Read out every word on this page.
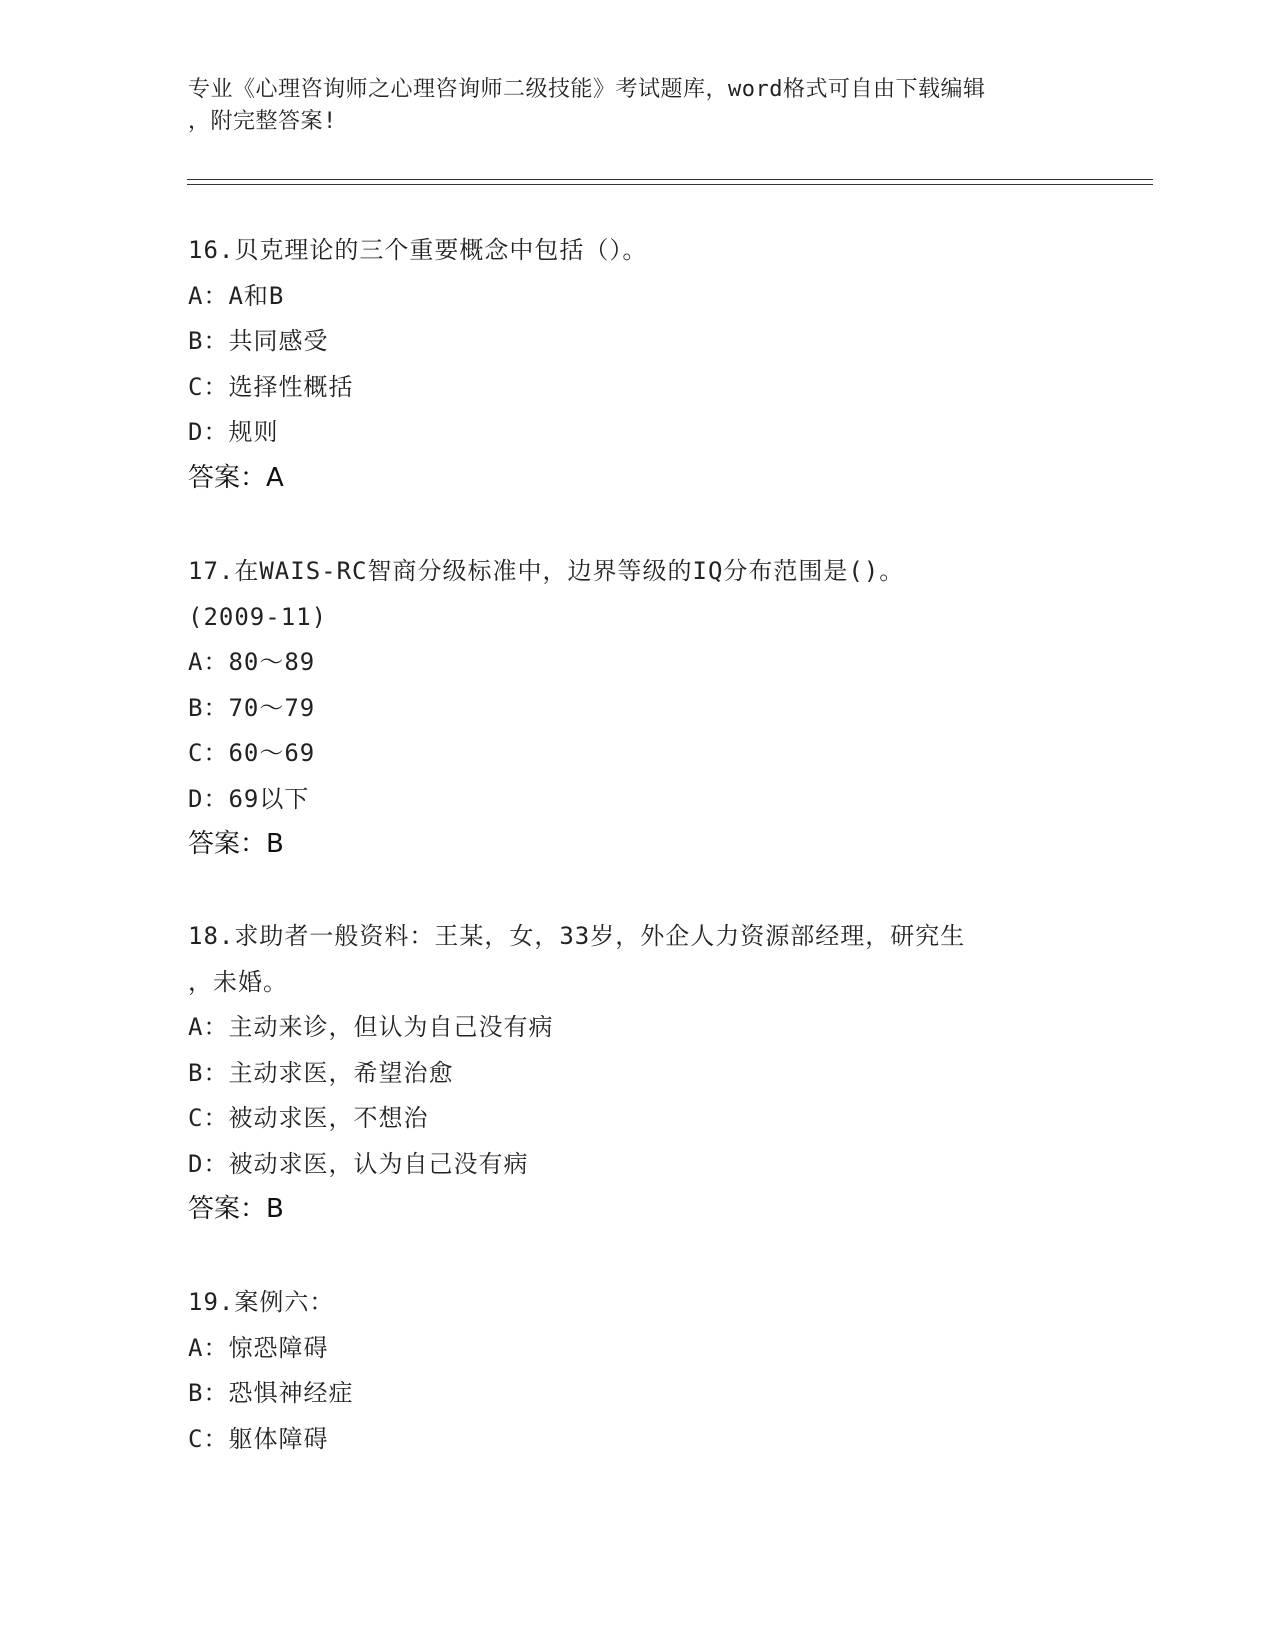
专业《心理咨询师之心理咨询师二级技能》考试题库，word格式可自由下载编辑
，附完整答案!
16.贝克理论的三个重要概念中包括（）。
A：A和B
B：共同感受
C：选择性概括
D：规则
答案：A
17.在WAIS-RC智商分级标准中，边界等级的IQ分布范围是()。
(2009-11)
A：80～89
B：70～79
C：60～69
D：69以下
答案：B
18.求助者一般资料：王某，女，33岁，外企人力资源部经理，研究生
，未婚。
A：主动来诊，但认为自己没有病
B：主动求医，希望治愈
C：被动求医，不想治
D：被动求医，认为自己没有病
答案：B
19.案例六：
A：惊恐障碍
B：恐惧神经症
C：躯体障碍
